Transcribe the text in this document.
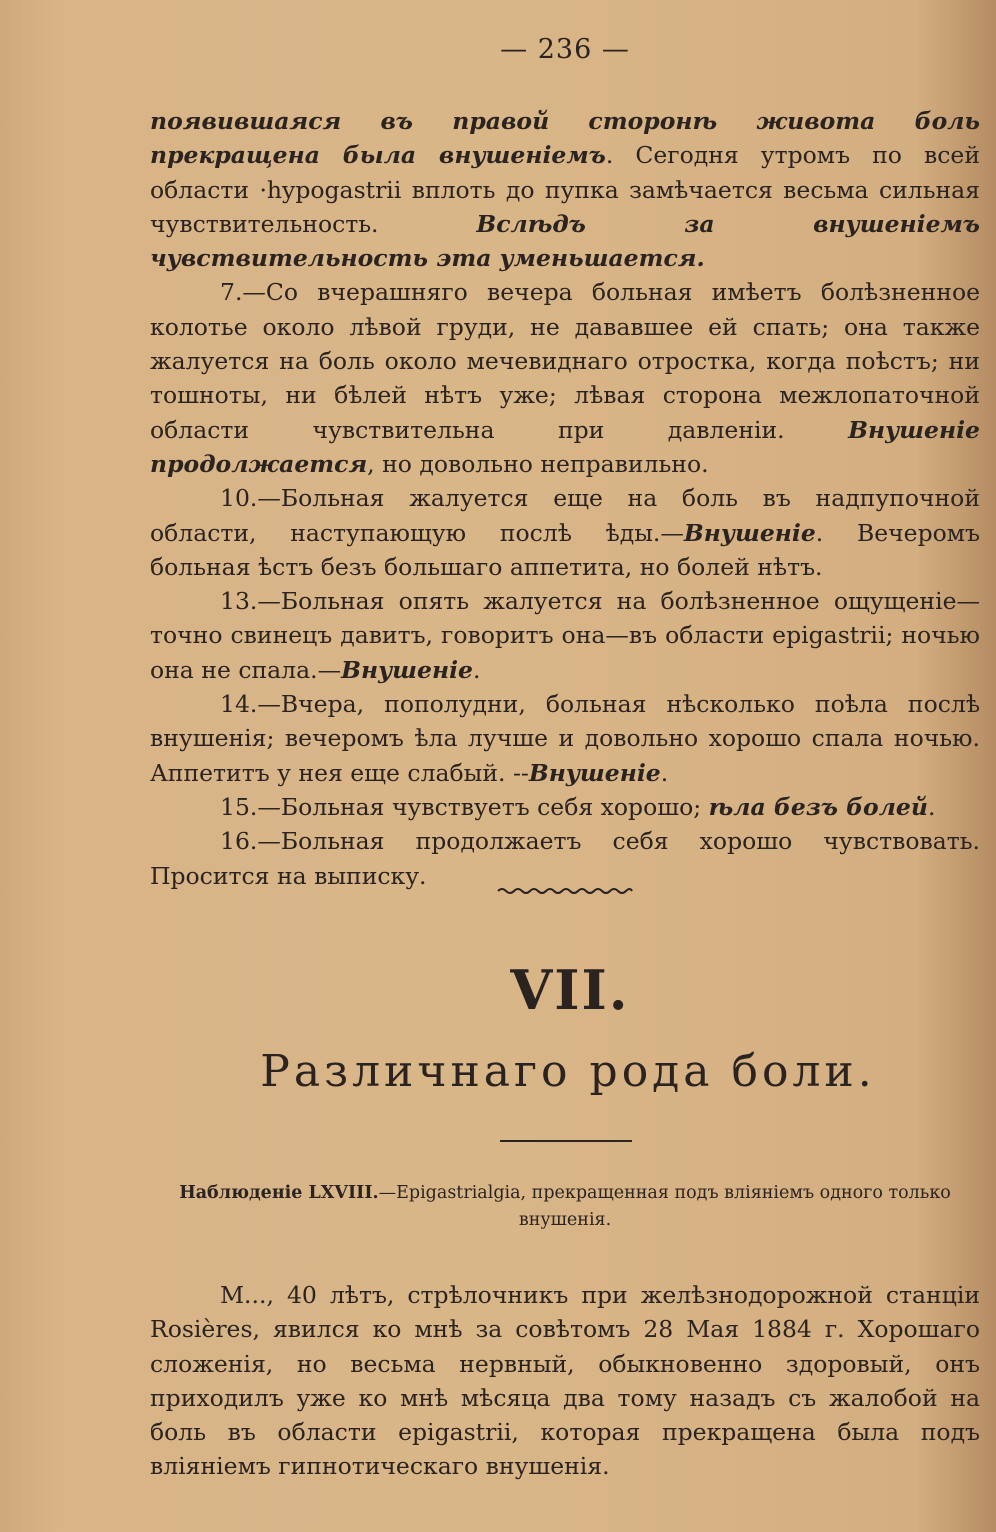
— 236 —

появившаяся въ правой сторонѣ живота боль прекращена была внушеніемъ. Сегодня утромъ по всей области ·hypogastrii вплоть до пупка замѣчается весьма сильная чувствительность. Вслѣдъ за внушеніемъ чувствительность эта уменьшается.

7.—Со вчерашняго вечера больная имѣетъ болѣзненное колотье около лѣвой груди, не дававшее ей спать; она также жалуется на боль около мечевиднаго отростка, когда поѣстъ; ни тошноты, ни бѣлей нѣтъ уже; лѣвая сторона межлопаточной области чувствительна при давленіи. Внушеніе продолжается, но довольно неправильно.

10.—Больная жалуется еще на боль въ надпупочной области, наступающую послѣ ѣды.—Внушеніе. Вечеромъ больная ѣстъ безъ большаго аппетита, но болей нѣтъ.

13.—Больная опять жалуется на болѣзненное ощущеніе—точно свинецъ давитъ, говоритъ она—въ области epigastrii; ночью она не спала.—Внушеніе.

14.—Вчера, пополудни, больная нѣсколько поѣла послѣ внушенія; вечеромъ ѣла лучше и довольно хорошо спала ночью. Аппетитъ у нея еще слабый. --Внушеніе.

15.—Больная чувствуетъ себя хорошо; ѣла безъ болей.

16.—Больная продолжаетъ себя хорошо чувствовать. Просится на выписку.

VII.
Различнаго рода боли.
Наблюденіе LXVIII.—Epigastrialgia, прекращенная подъ вліяніемъ одного только внушенія.

М..., 40 лѣтъ, стрѣлочникъ при желѣзнодорожной станціи Rosières, явился ко мнѣ за совѣтомъ 28 Мая 1884 г. Хорошаго сложенія, но весьма нервный, обыкновенно здоровый, онъ приходилъ уже ко мнѣ мѣсяца два тому назадъ съ жалобой на боль въ области epigastrii, которая прекращена была подъ вліяніемъ гипнотическаго внушенія.
